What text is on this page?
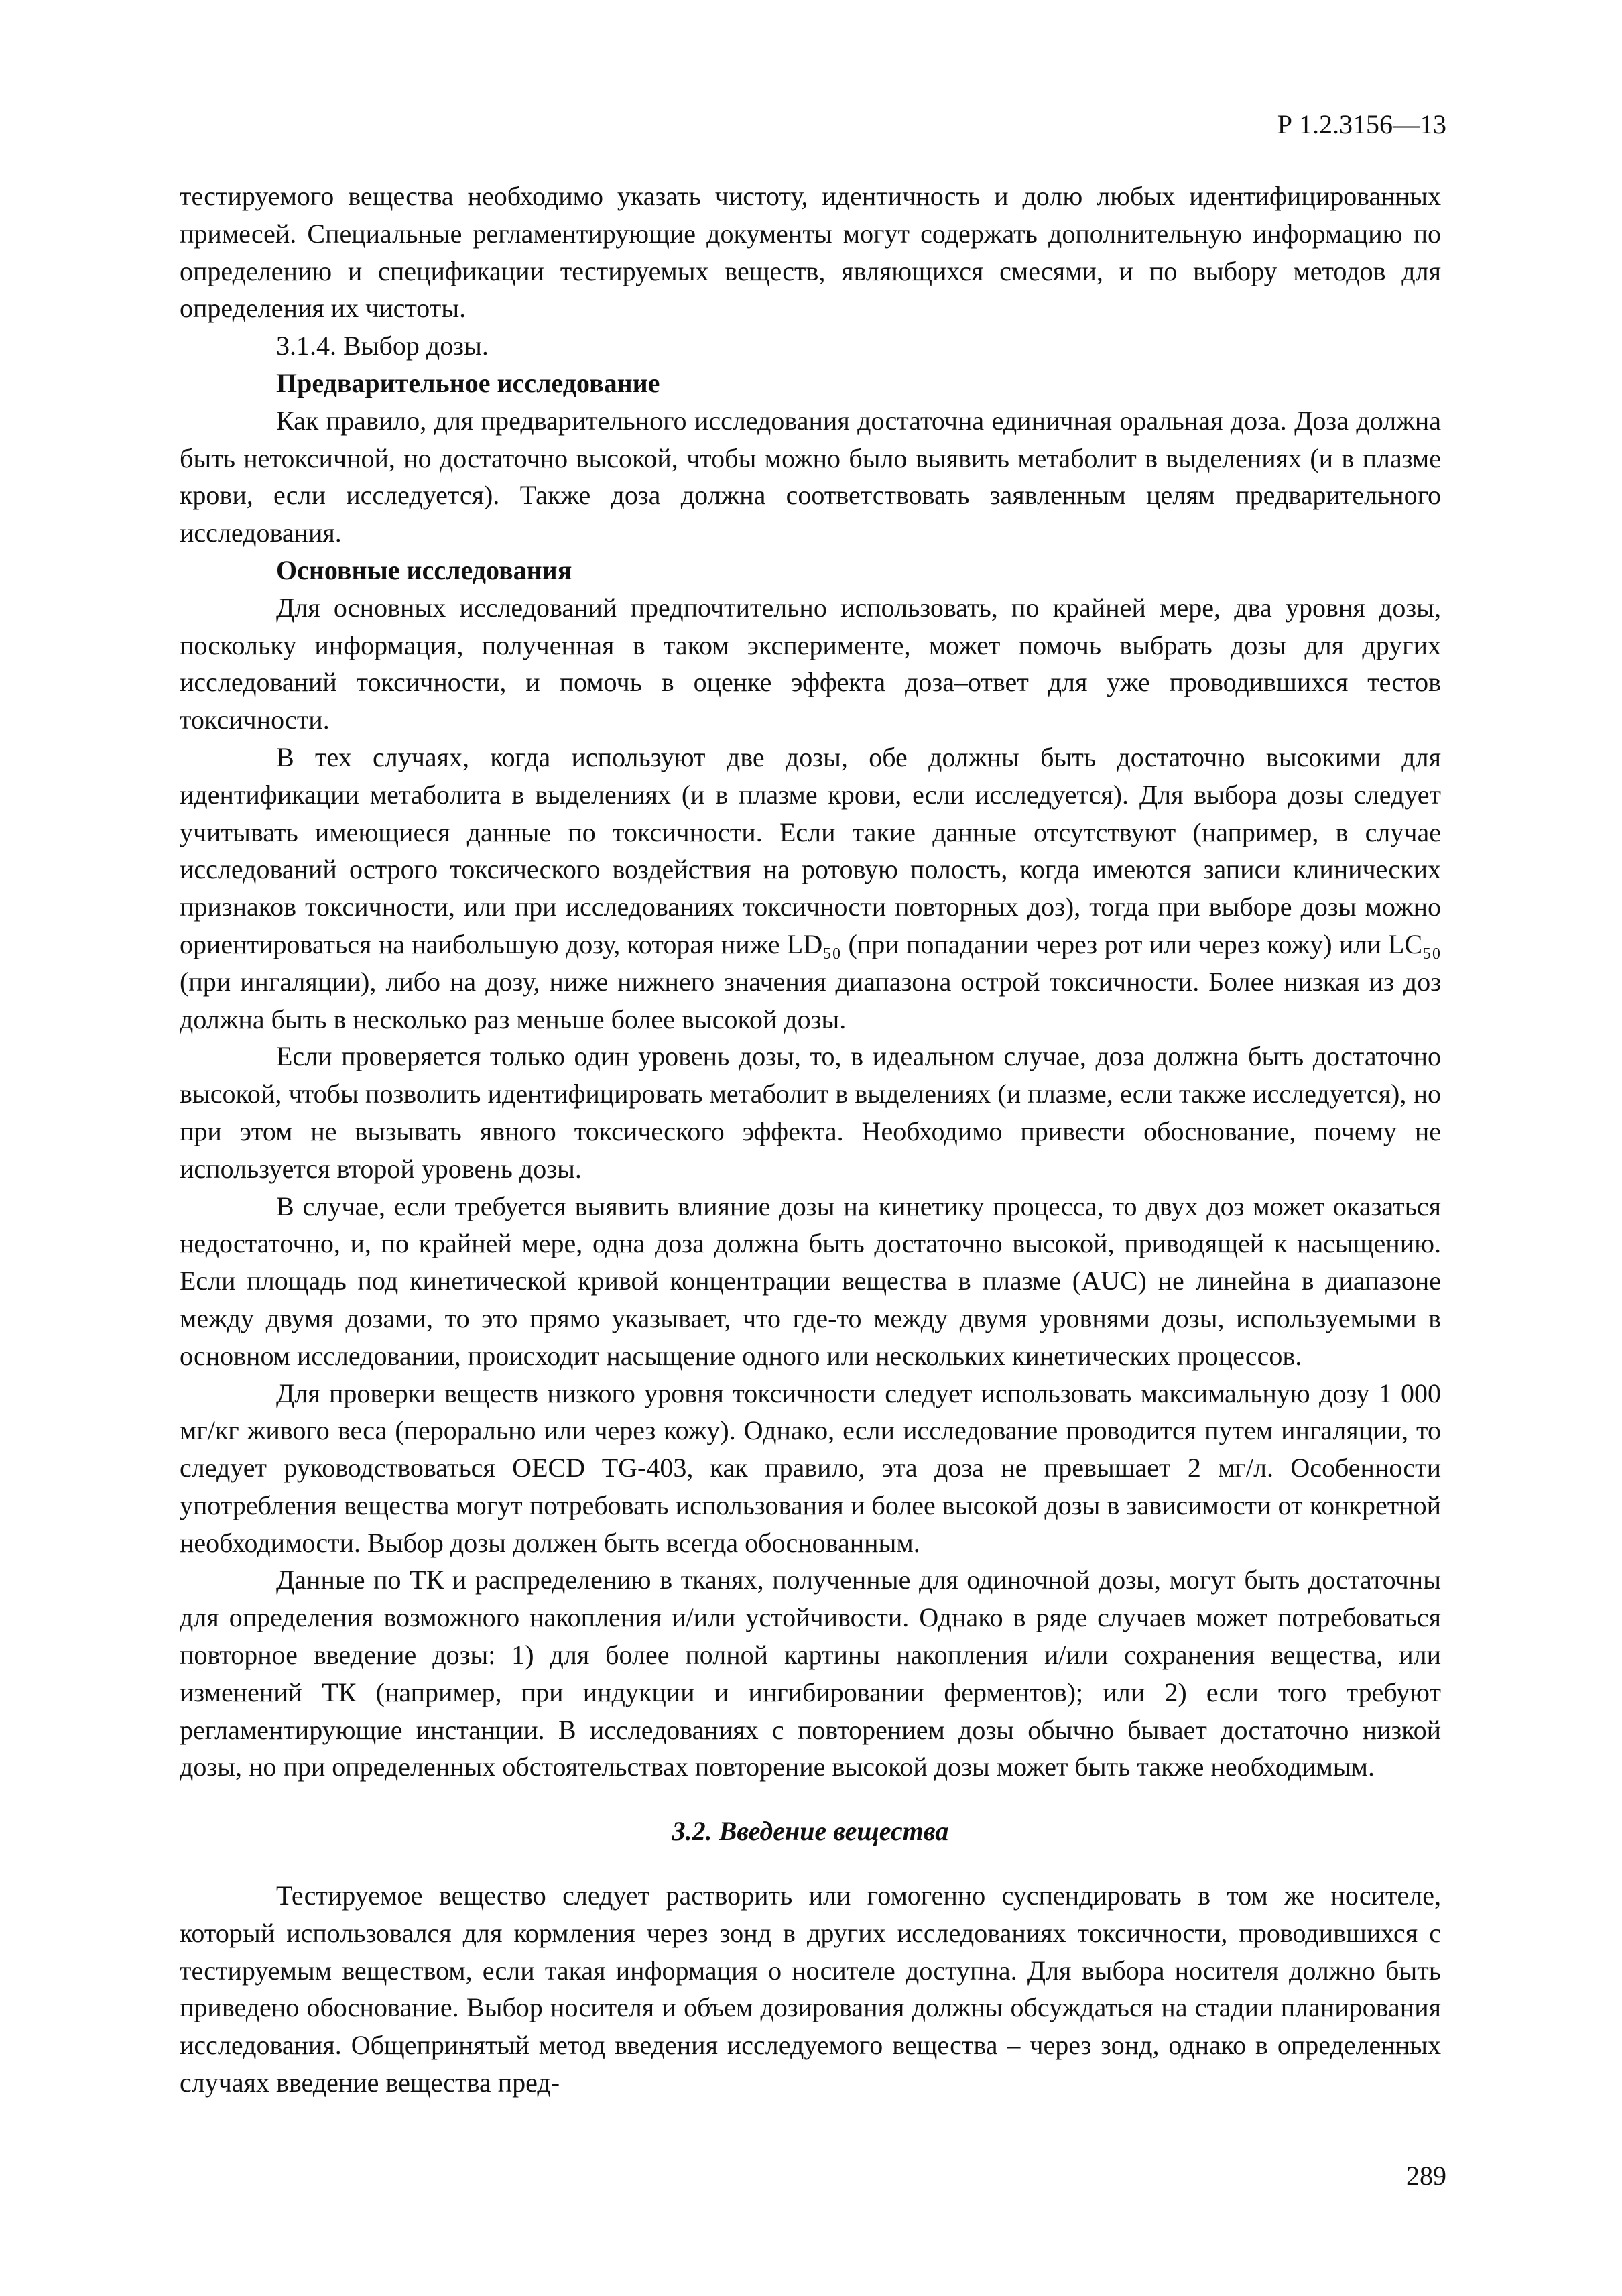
Р 1.2.3156—13

тестируемого вещества необходимо указать чистоту, идентичность и долю любых идентифицированных примесей. Специальные регламентирующие документы могут содержать дополнительную информацию по определению и спецификации тестируемых веществ, являющихся смесями, и по выбору методов для определения их чистоты.

3.1.4. Выбор дозы.

Предварительное исследование

Как правило, для предварительного исследования достаточна единичная оральная доза. Доза должна быть нетоксичной, но достаточно высокой, чтобы можно было выявить метаболит в выделениях (и в плазме крови, если исследуется). Также доза должна соответствовать заявленным целям предварительного исследования.

Основные исследования

Для основных исследований предпочтительно использовать, по крайней мере, два уровня дозы, поскольку информация, полученная в таком эксперименте, может помочь выбрать дозы для других исследований токсичности, и помочь в оценке эффекта доза–ответ для уже проводившихся тестов токсичности.

В тех случаях, когда используют две дозы, обе должны быть достаточно высокими для идентификации метаболита в выделениях (и в плазме крови, если исследуется). Для выбора дозы следует учитывать имеющиеся данные по токсичности. Если такие данные отсутствуют (например, в случае исследований острого токсического воздействия на ротовую полость, когда имеются записи клинических признаков токсичности, или при исследованиях токсичности повторных доз), тогда при выборе дозы можно ориентироваться на наибольшую дозу, которая ниже LD₅₀ (при попадании через рот или через кожу) или LC₅₀ (при ингаляции), либо на дозу, ниже нижнего значения диапазона острой токсичности. Более низкая из доз должна быть в несколько раз меньше более высокой дозы.

Если проверяется только один уровень дозы, то, в идеальном случае, доза должна быть достаточно высокой, чтобы позволить идентифицировать метаболит в выделениях (и плазме, если также исследуется), но при этом не вызывать явного токсического эффекта. Необходимо привести обоснование, почему не используется второй уровень дозы.

В случае, если требуется выявить влияние дозы на кинетику процесса, то двух доз может оказаться недостаточно, и, по крайней мере, одна доза должна быть достаточно высокой, приводящей к насыщению. Если площадь под кинетической кривой концентрации вещества в плазме (AUC) не линейна в диапазоне между двумя дозами, то это прямо указывает, что где-то между двумя уровнями дозы, используемыми в основном исследовании, происходит насыщение одного или нескольких кинетических процессов.

Для проверки веществ низкого уровня токсичности следует использовать максимальную дозу 1 000 мг/кг живого веса (перорально или через кожу). Однако, если исследование проводится путем ингаляции, то следует руководствоваться OECD TG-403, как правило, эта доза не превышает 2 мг/л. Особенности употребления вещества могут потребовать использования и более высокой дозы в зависимости от конкретной необходимости. Выбор дозы должен быть всегда обоснованным.

Данные по ТК и распределению в тканях, полученные для одиночной дозы, могут быть достаточны для определения возможного накопления и/или устойчивости. Однако в ряде случаев может потребоваться повторное введение дозы: 1) для более полной картины накопления и/или сохранения вещества, или изменений ТК (например, при индукции и ингибировании ферментов); или 2) если того требуют регламентирующие инстанции. В исследованиях с повторением дозы обычно бывает достаточно низкой дозы, но при определенных обстоятельствах повторение высокой дозы может быть также необходимым.

3.2. Введение вещества

Тестируемое вещество следует растворить или гомогенно суспендировать в том же носителе, который использовался для кормления через зонд в других исследованиях токсичности, проводившихся с тестируемым веществом, если такая информация о носителе доступна. Для выбора носителя должно быть приведено обоснование. Выбор носителя и объем дозирования должны обсуждаться на стадии планирования исследования. Общепринятый метод введения исследуемого вещества – через зонд, однако в определенных случаях введение вещества пред-

289
